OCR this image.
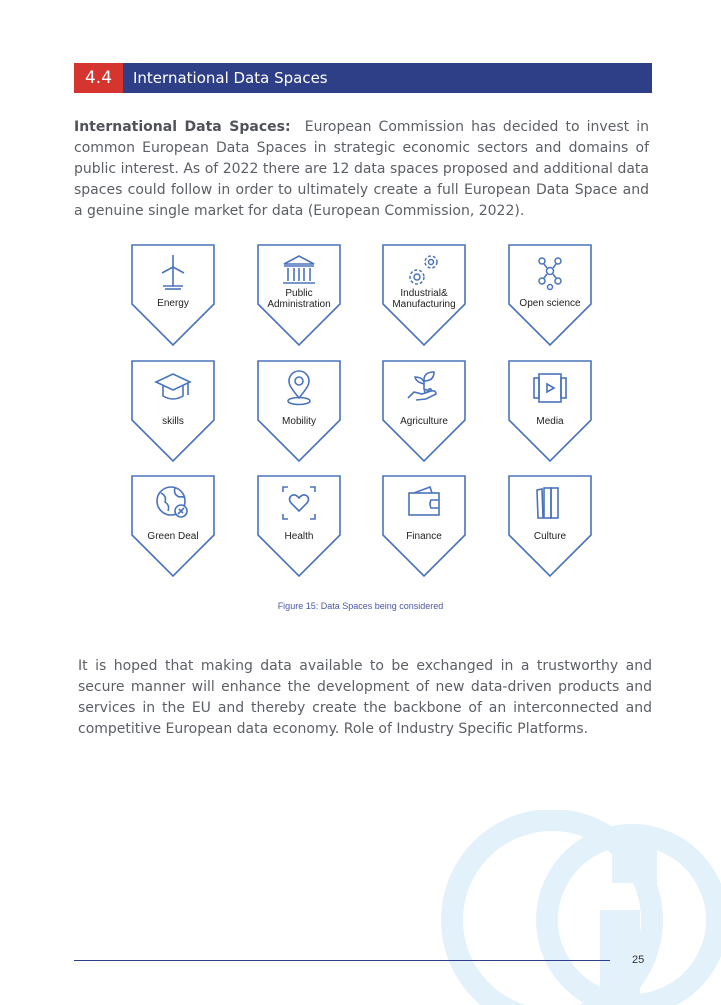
4.4	International Data Spaces

International Data Spaces: European Commission has decided to invest in common European Data Spaces in strategic economic sectors and domains of public interest. As of 2022 there are 12 data spaces proposed and additional data spaces could follow in order to ultimately create a full European Data Space and a genuine single market for data (European Commission, 2022).

Energy
Public
Administration
Industrial&
Manufacturing	Open science
skills	Mobility	Agriculture	Media
Green Deal	Health	Finance	Culture
Figure 15: Data Spaces being considered

It is hoped that making data available to be exchanged in a trustworthy and secure manner will enhance the development of new data-driven products and services in the EU and thereby create the backbone of an interconnected and competitive European data economy. Role of Industry Specific Platforms.

25
